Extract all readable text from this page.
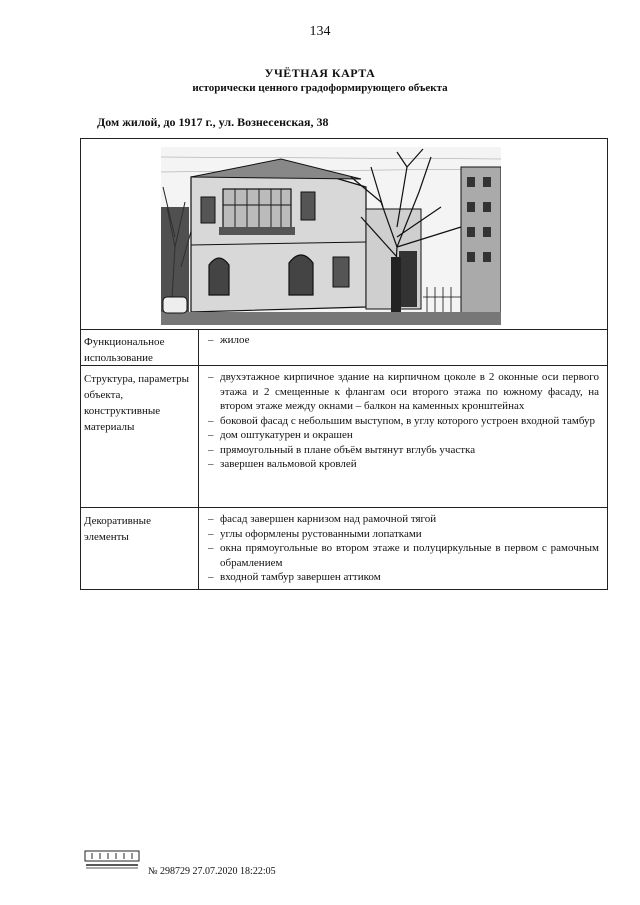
134
УЧЁТНАЯ КАРТА
исторически ценного градоформирующего объекта
Дом жилой, до 1917 г., ул. Вознесенская, 38
Функциональное использование
– жилое
Структура, параметры объекта, конструктивные материалы
– двухэтажное кирпичное здание на кирпичном цоколе в 2 оконные оси первого этажа и 2 смещенные к флангам оси второго этажа по южному фасаду, на втором этаже между окнами – балкон на каменных кронштейнах
– боковой фасад с небольшим выступом, в углу которого устроен входной тамбур
– дом оштукатурен и окрашен
– прямоугольный в плане объём вытянут вглубь участка
– завершен вальмовой кровлей
Декоративные элементы
– фасад завершен карнизом над рамочной тягой
– углы оформлены рустованными лопатками
– окна прямоугольные во втором этаже и полуциркульные в первом с рамочным обрамлением
– входной тамбур завершен аттиком
№ 298729 27.07.2020 18:22:05
